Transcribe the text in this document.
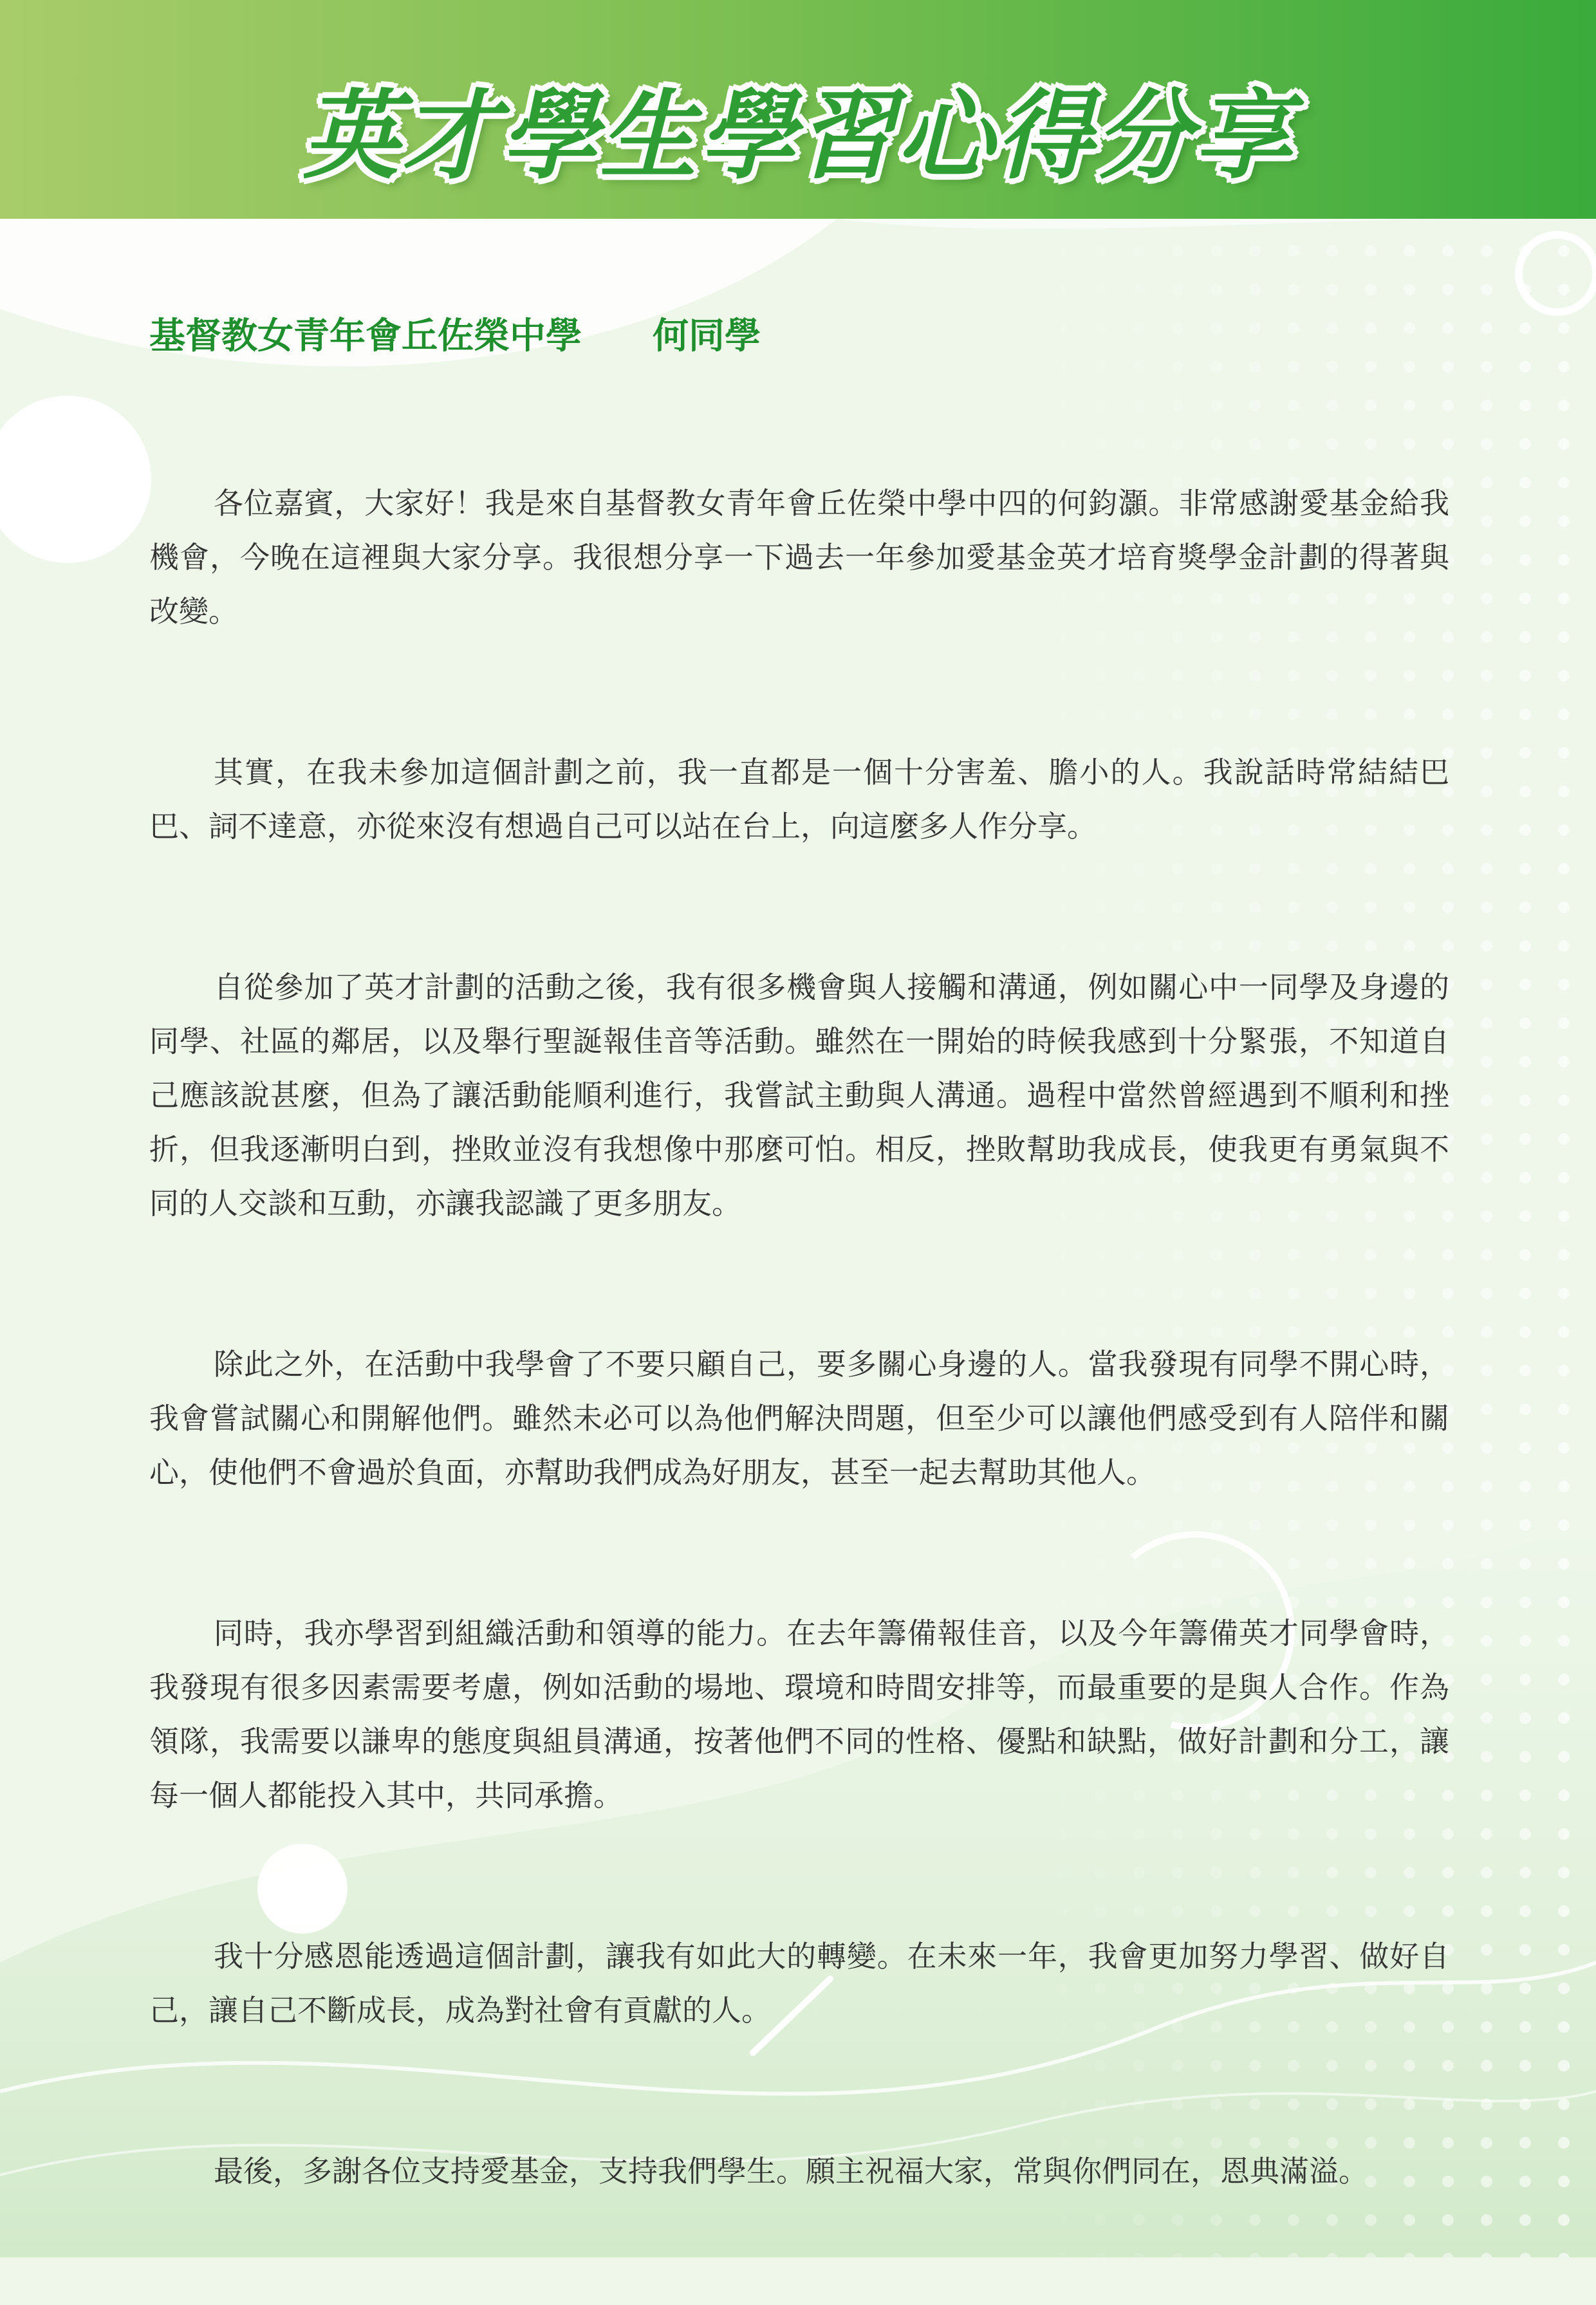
英才學生學習心得分享
基督教女青年會丘佐榮中學 何同學

各位嘉賓，大家好！我是來自基督教女青年會丘佐榮中學中四的何鈞灝。非常感謝愛基金給我機會，今晚在這裡與大家分享。我很想分享一下過去一年參加愛基金英才培育獎學金計劃的得著與改變。

其實，在我未參加這個計劃之前，我一直都是一個十分害羞、膽小的人。我說話時常結結巴巴、詞不達意，亦從來沒有想過自己可以站在台上，向這麼多人作分享。

自從參加了英才計劃的活動之後，我有很多機會與人接觸和溝通，例如關心中一同學及身邊的同學、社區的鄰居，以及舉行聖誕報佳音等活動。雖然在一開始的時候我感到十分緊張，不知道自己應該說甚麼，但為了讓活動能順利進行，我嘗試主動與人溝通。過程中當然曾經遇到不順利和挫折，但我逐漸明白到，挫敗並沒有我想像中那麼可怕。相反，挫敗幫助我成長，使我更有勇氣與不同的人交談和互動，亦讓我認識了更多朋友。

除此之外，在活動中我學會了不要只顧自己，要多關心身邊的人。當我發現有同學不開心時，我會嘗試關心和開解他們。雖然未必可以為他們解決問題，但至少可以讓他們感受到有人陪伴和關心，使他們不會過於負面，亦幫助我們成為好朋友，甚至一起去幫助其他人。

同時，我亦學習到組織活動和領導的能力。在去年籌備報佳音，以及今年籌備英才同學會時，我發現有很多因素需要考慮，例如活動的場地、環境和時間安排等，而最重要的是與人合作。作為領隊，我需要以謙卑的態度與組員溝通，按著他們不同的性格、優點和缺點，做好計劃和分工，讓每一個人都能投入其中，共同承擔。

我十分感恩能透過這個計劃，讓我有如此大的轉變。在未來一年，我會更加努力學習、做好自己，讓自己不斷成長，成為對社會有貢獻的人。

最後，多謝各位支持愛基金，支持我們學生。願主祝福大家，常與你們同在，恩典滿溢。
